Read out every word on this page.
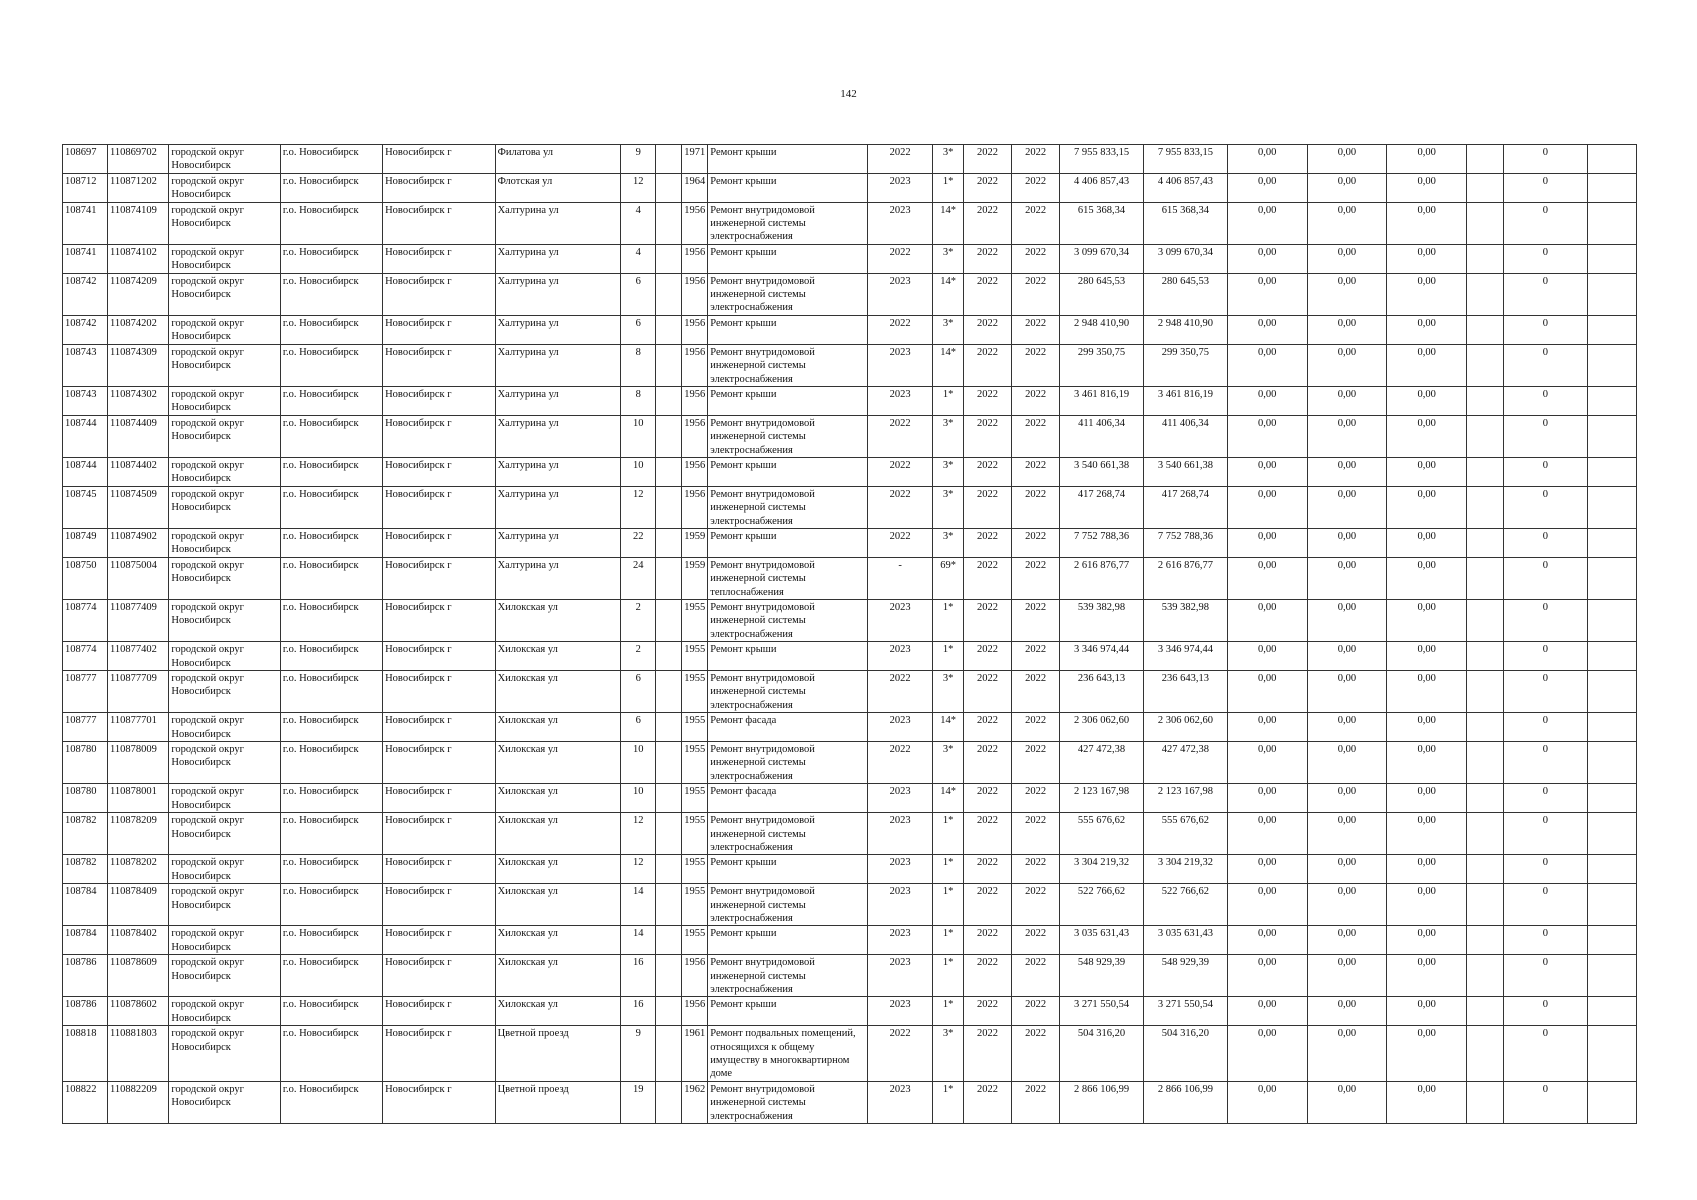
142
108697	110869702	городской округ Новосибирск	г.о. Новосибирск	Новосибирск г	Филатова ул	9		1971	Ремонт крыши	2022	3*	2022	2022	7 955 833,15	7 955 833,15	0,00	0,00	0,00		0	
108712	110871202	городской округ Новосибирск	г.о. Новосибирск	Новосибирск г	Флотская ул	12		1964	Ремонт крыши	2023	1*	2022	2022	4 406 857,43	4 406 857,43	0,00	0,00	0,00		0	
108741	110874109	городской округ Новосибирск	г.о. Новосибирск	Новосибирск г	Халтурина ул	4		1956	Ремонт внутридомовой инженерной системы электроснабжения	2023	14*	2022	2022	615 368,34	615 368,34	0,00	0,00	0,00		0	
108741	110874102	городской округ Новосибирск	г.о. Новосибирск	Новосибирск г	Халтурина ул	4		1956	Ремонт крыши	2022	3*	2022	2022	3 099 670,34	3 099 670,34	0,00	0,00	0,00		0	
108742	110874209	городской округ Новосибирск	г.о. Новосибирск	Новосибирск г	Халтурина ул	6		1956	Ремонт внутридомовой инженерной системы электроснабжения	2023	14*	2022	2022	280 645,53	280 645,53	0,00	0,00	0,00		0	
108742	110874202	городской округ Новосибирск	г.о. Новосибирск	Новосибирск г	Халтурина ул	6		1956	Ремонт крыши	2022	3*	2022	2022	2 948 410,90	2 948 410,90	0,00	0,00	0,00		0	
108743	110874309	городской округ Новосибирск	г.о. Новосибирск	Новосибирск г	Халтурина ул	8		1956	Ремонт внутридомовой инженерной системы электроснабжения	2023	14*	2022	2022	299 350,75	299 350,75	0,00	0,00	0,00		0	
108743	110874302	городской округ Новосибирск	г.о. Новосибирск	Новосибирск г	Халтурина ул	8		1956	Ремонт крыши	2023	1*	2022	2022	3 461 816,19	3 461 816,19	0,00	0,00	0,00		0	
108744	110874409	городской округ Новосибирск	г.о. Новосибирск	Новосибирск г	Халтурина ул	10		1956	Ремонт внутридомовой инженерной системы электроснабжения	2022	3*	2022	2022	411 406,34	411 406,34	0,00	0,00	0,00		0	
108744	110874402	городской округ Новосибирск	г.о. Новосибирск	Новосибирск г	Халтурина ул	10		1956	Ремонт крыши	2022	3*	2022	2022	3 540 661,38	3 540 661,38	0,00	0,00	0,00		0	
108745	110874509	городской округ Новосибирск	г.о. Новосибирск	Новосибирск г	Халтурина ул	12		1956	Ремонт внутридомовой инженерной системы электроснабжения	2022	3*	2022	2022	417 268,74	417 268,74	0,00	0,00	0,00		0	
108749	110874902	городской округ Новосибирск	г.о. Новосибирск	Новосибирск г	Халтурина ул	22		1959	Ремонт крыши	2022	3*	2022	2022	7 752 788,36	7 752 788,36	0,00	0,00	0,00		0	
108750	110875004	городской округ Новосибирск	г.о. Новосибирск	Новосибирск г	Халтурина ул	24		1959	Ремонт внутридомовой инженерной системы теплоснабжения	-	69*	2022	2022	2 616 876,77	2 616 876,77	0,00	0,00	0,00		0	
108774	110877409	городской округ Новосибирск	г.о. Новосибирск	Новосибирск г	Хилокская ул	2		1955	Ремонт внутридомовой инженерной системы электроснабжения	2023	1*	2022	2022	539 382,98	539 382,98	0,00	0,00	0,00		0	
108774	110877402	городской округ Новосибирск	г.о. Новосибирск	Новосибирск г	Хилокская ул	2		1955	Ремонт крыши	2023	1*	2022	2022	3 346 974,44	3 346 974,44	0,00	0,00	0,00		0	
108777	110877709	городской округ Новосибирск	г.о. Новосибирск	Новосибирск г	Хилокская ул	6		1955	Ремонт внутридомовой инженерной системы электроснабжения	2022	3*	2022	2022	236 643,13	236 643,13	0,00	0,00	0,00		0	
108777	110877701	городской округ Новосибирск	г.о. Новосибирск	Новосибирск г	Хилокская ул	6		1955	Ремонт фасада	2023	14*	2022	2022	2 306 062,60	2 306 062,60	0,00	0,00	0,00		0	
108780	110878009	городской округ Новосибирск	г.о. Новосибирск	Новосибирск г	Хилокская ул	10		1955	Ремонт внутридомовой инженерной системы электроснабжения	2022	3*	2022	2022	427 472,38	427 472,38	0,00	0,00	0,00		0	
108780	110878001	городской округ Новосибирск	г.о. Новосибирск	Новосибирск г	Хилокская ул	10		1955	Ремонт фасада	2023	14*	2022	2022	2 123 167,98	2 123 167,98	0,00	0,00	0,00		0	
108782	110878209	городской округ Новосибирск	г.о. Новосибирск	Новосибирск г	Хилокская ул	12		1955	Ремонт внутридомовой инженерной системы электроснабжения	2023	1*	2022	2022	555 676,62	555 676,62	0,00	0,00	0,00		0	
108782	110878202	городской округ Новосибирск	г.о. Новосибирск	Новосибирск г	Хилокская ул	12		1955	Ремонт крыши	2023	1*	2022	2022	3 304 219,32	3 304 219,32	0,00	0,00	0,00		0	
108784	110878409	городской округ Новосибирск	г.о. Новосибирск	Новосибирск г	Хилокская ул	14		1955	Ремонт внутридомовой инженерной системы электроснабжения	2023	1*	2022	2022	522 766,62	522 766,62	0,00	0,00	0,00		0	
108784	110878402	городской округ Новосибирск	г.о. Новосибирск	Новосибирск г	Хилокская ул	14		1955	Ремонт крыши	2023	1*	2022	2022	3 035 631,43	3 035 631,43	0,00	0,00	0,00		0	
108786	110878609	городской округ Новосибирск	г.о. Новосибирск	Новосибирск г	Хилокская ул	16		1956	Ремонт внутридомовой инженерной системы электроснабжения	2023	1*	2022	2022	548 929,39	548 929,39	0,00	0,00	0,00		0	
108786	110878602	городской округ Новосибирск	г.о. Новосибирск	Новосибирск г	Хилокская ул	16		1956	Ремонт крыши	2023	1*	2022	2022	3 271 550,54	3 271 550,54	0,00	0,00	0,00		0	
108818	110881803	городской округ Новосибирск	г.о. Новосибирск	Новосибирск г	Цветной проезд	9		1961	Ремонт подвальных помещений, относящихся к общему имуществу в многоквартирном доме	2022	3*	2022	2022	504 316,20	504 316,20	0,00	0,00	0,00		0	
108822	110882209	городской округ Новосибирск	г.о. Новосибирск	Новосибирск г	Цветной проезд	19		1962	Ремонт внутридомовой инженерной системы электроснабжения	2023	1*	2022	2022	2 866 106,99	2 866 106,99	0,00	0,00	0,00		0	
